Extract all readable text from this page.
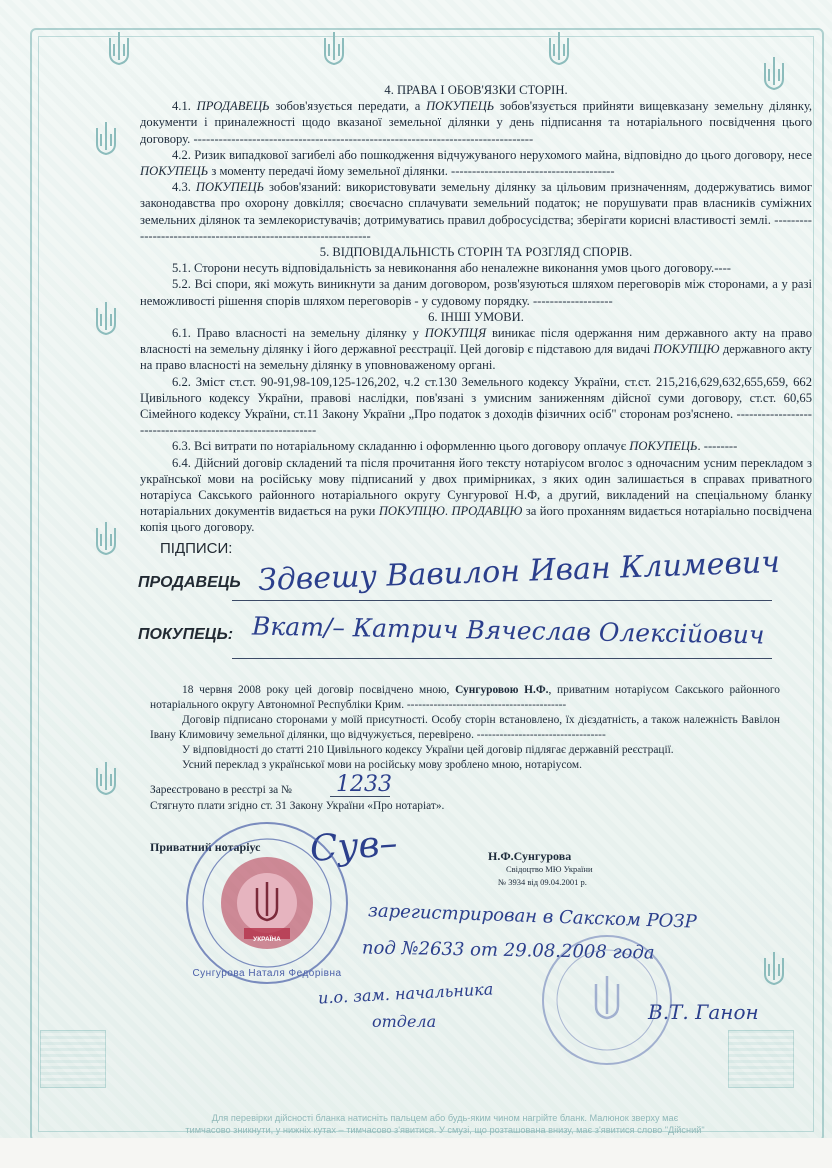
4. ПРАВА І ОБОВ'ЯЗКИ СТОРІН.

4.1. ПРОДАВЕЦЬ зобов'язується передати, а ПОКУПЕЦЬ зобов'язується прийняти вищевказану земельну ділянку, документи і приналежності щодо вказаної земельної ділянки у день підписання та нотаріального посвідчення цього договору. ---------------------------------------------------------------------------------

4.2. Ризик випадкової загибелі або пошкодження відчужуваного нерухомого майна, відповідно до цього договору, несе ПОКУПЕЦЬ з моменту передачі йому земельної ділянки. ---------------------------------------

4.3. ПОКУПЕЦЬ зобов'язаний: використовувати земельну ділянку за цільовим призначенням, додержуватись вимог законодавства про охорону довкілля; своєчасно сплачувати земельний податок; не порушувати прав власників суміжних земельних ділянок та землекористувачів; дотримуватись правил добросусідства; зберігати корисні властивості землі. ----------------------------------------------------------------

5. ВІДПОВІДАЛЬНІСТЬ СТОРІН ТА РОЗГЛЯД СПОРІВ.

5.1. Сторони несуть відповідальність за невиконання або неналежне виконання умов цього договору.----

5.2. Всі спори, які можуть виникнути за даним договором, розв'язуються шляхом переговорів між сторонами, а у разі неможливості рішення спорів шляхом переговорів - у судовому порядку. -------------------

6. ІНШІ УМОВИ.

6.1. Право власності на земельну ділянку у ПОКУПЦЯ виникає після одержання ним державного акту на право власності на земельну ділянку і його державної реєстрації. Цей договір є підставою для видачі ПОКУПЦЮ державного акту на право власності на земельну ділянку в уповноваженому органі.

6.2. Зміст ст.ст. 90-91,98-109,125-126,202, ч.2 ст.130 Земельного кодексу України, ст.ст. 215,216,629,632,655,659, 662 Цивільного кодексу України, правові наслідки, пов'язані з умисним заниженням дійсної суми договору, ст.ст. 60,65 Сімейного кодексу України, ст.11 Закону України „Про податок з доходів фізичних осіб" сторонам роз'яснено. ------------------------------------------------------------

6.3. Всі витрати по нотаріальному складанню і оформленню цього договору оплачує ПОКУПЕЦЬ. --------

6.4. Дійсний договір складений та після прочитання його тексту нотаріусом вголос з одночасним усним перекладом з української мови на російську мову підписаний у двох примірниках, з яких один залишається в справах приватного нотаріуса Сакського районного нотаріального округу Сунгурової Н.Ф, а другий, викладений на спеціальному бланку нотаріальних документів видається на руки ПОКУПЦЮ. ПРОДАВЦЮ за його проханням видається нотаріально посвідчена копія цього договору.

ПІДПИСИ:
ПРОДАВЕЦЬ Здвешу Вавилон Иван Климевич
ПОКУПЕЦЬ: Вкат/– Катрич Вячеслав Олексійович

18 червня 2008 року цей договір посвідчено мною, Сунгуровою Н.Ф., приватним нотаріусом Сакського районного нотаріального округу Автономної Республіки Крим. ------------------------------------------

Договір підписано сторонами у моїй присутності. Особу сторін встановлено, їх дієздатність, а також належність Вавілон Івану Климовичу земельної ділянки, що відчужується, перевірено. ----------------------------------

У відповідності до статті 210 Цивільного кодексу України цей договір підлягає державній реєстрації.

Усний переклад з української мови на російську мову зроблено мною, нотаріусом.

Зареєстровано в реєстрі за № 1233
Стягнуто плати згідно ст. 31 Закону України «Про нотаріат».
Приватний нотаріус Сув–	Н.Ф.Сунгурова
Свідоцтво МЮ України
№ 3934 від 09.04.2001 р.
УКРАЇНА
Сунгурова Наталя Федорівна
зарегистрирован в Сакском РОЗР
под №2633 от 29.08.2008 года
и.о. зам. начальника
отдела	В.Т. Ганон
Для перевірки дійсності бланка натисніть пальцем або будь-яким чином нагрійте бланк. Малюнок зверху має
тимчасово зникнути, у нижніх кутах – тимчасово з'явитися. У смузі, що розташована внизу, має з'явитися слово "Дійсний"
